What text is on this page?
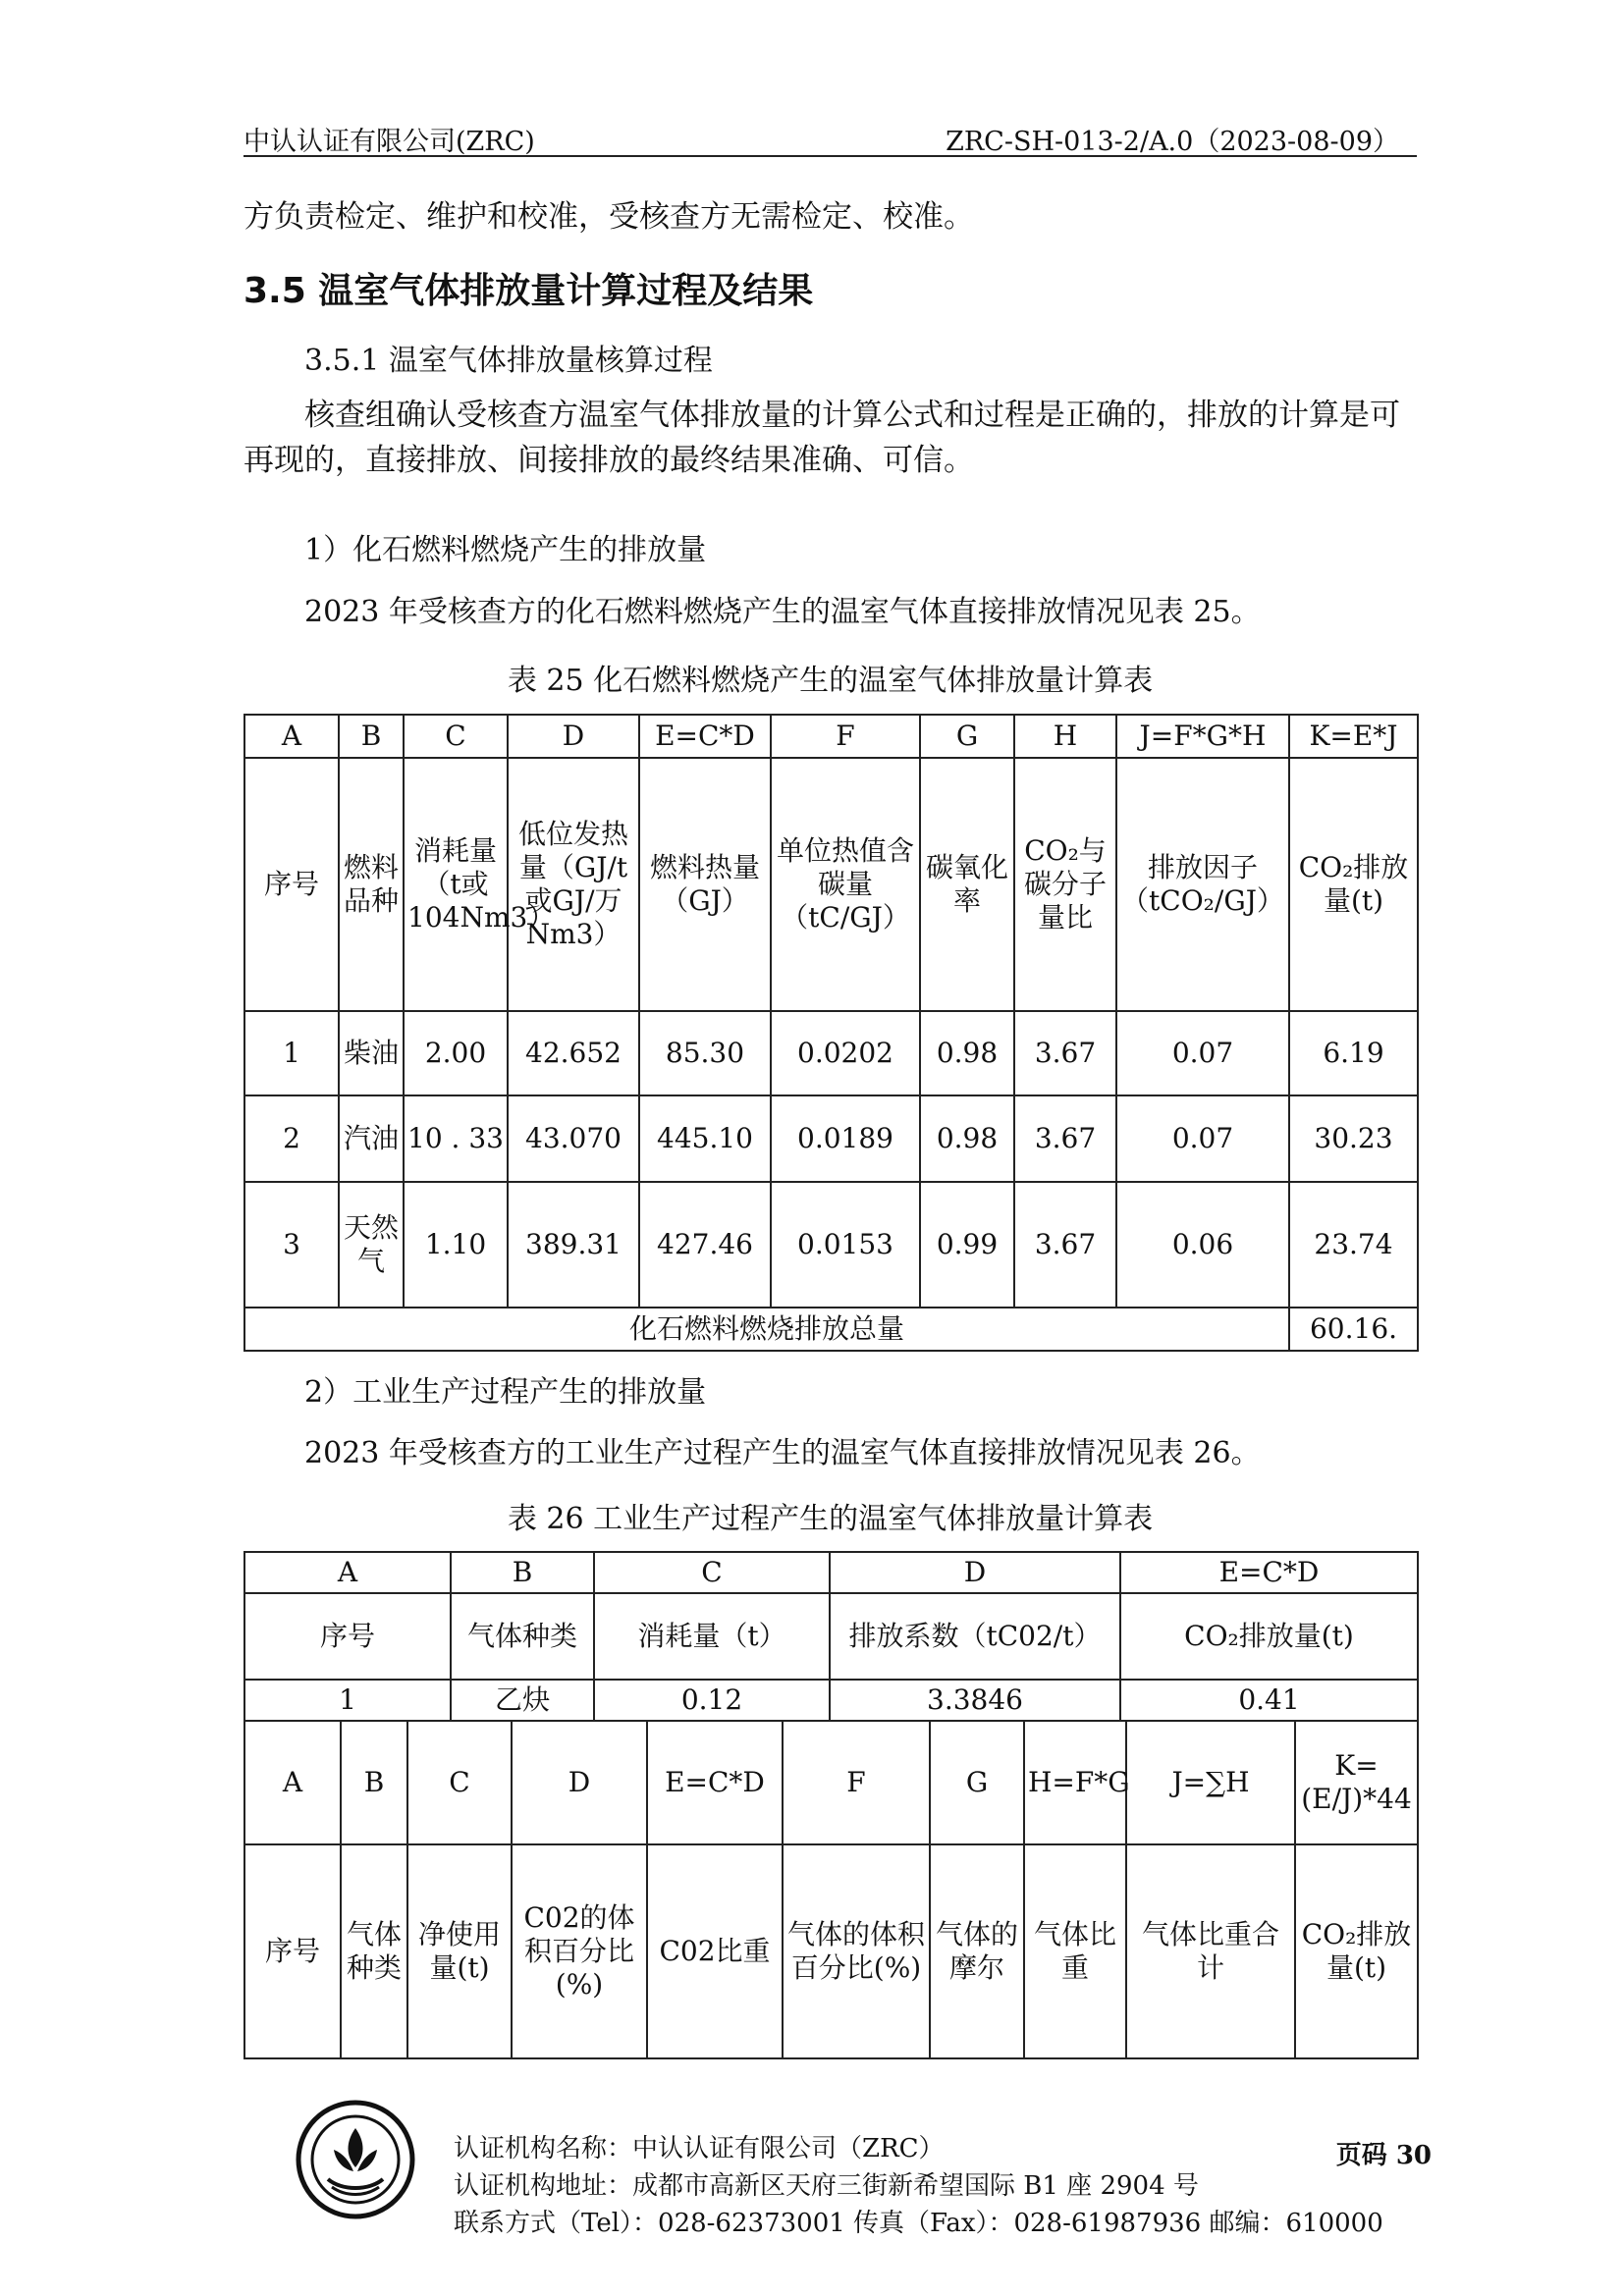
中认认证有限公司(ZRC)	ZRC-SH-013-2/A.0（2023-08-09）
方负责检定、维护和校准，受核查方无需检定、校准。
3.5 温室气体排放量计算过程及结果
3.5.1 温室气体排放量核算过程
核查组确认受核查方温室气体排放量的计算公式和过程是正确的，排放的计算是可再现的，直接排放、间接排放的最终结果准确、可信。
1）化石燃料燃烧产生的排放量
2023 年受核查方的化石燃料燃烧产生的温室气体直接排放情况见表 25。
表 25 化石燃料燃烧产生的温室气体排放量计算表
A	B	C	D	E=C*D	F	G	H	J=F*G*H	K=E*J
序号	燃料品种	消耗量（t或104Nm3）	低位发热量（GJ/t或GJ/万Nm3）	燃料热量（GJ）	单位热值含碳量（tC/GJ）	碳氧化率	CO₂与碳分子量比	排放因子（tCO₂/GJ）	CO₂排放量(t)
1	柴油	2.00	42.652	85.30	0.0202	0.98	3.67	0.07	6.19
2	汽油	10 . 33	43.070	445.10	0.0189	0.98	3.67	0.07	30.23
3	天然气	1.10	389.31	427.46	0.0153	0.99	3.67	0.06	23.74
化石燃料燃烧排放总量									60.16.
2）工业生产过程产生的排放量
2023 年受核查方的工业生产过程产生的温室气体直接排放情况见表 26。
表 26 工业生产过程产生的温室气体排放量计算表
A	B	C	D	E=C*D
序号	气体种类	消耗量（t）	排放系数（tC02/t）	CO₂排放量(t)
1	乙炔	0.12	3.3846	0.41
A	B	C	D	E=C*D	F	G	H=F*G	J=∑H	K=(E/J)*44
序号	气体种类	净使用量(t)	C02的体积百分比(%)	C02比重	气体的体积百分比(%)	气体的摩尔	气体比重	气体比重合计	CO₂排放量(t)
认证机构名称：中认认证有限公司（ZRC）
认证机构地址：成都市高新区天府三街新希望国际 B1 座 2904 号
联系方式（Tel）：028-62373001 传真（Fax）：028-61987936 邮编：610000
页码 30
